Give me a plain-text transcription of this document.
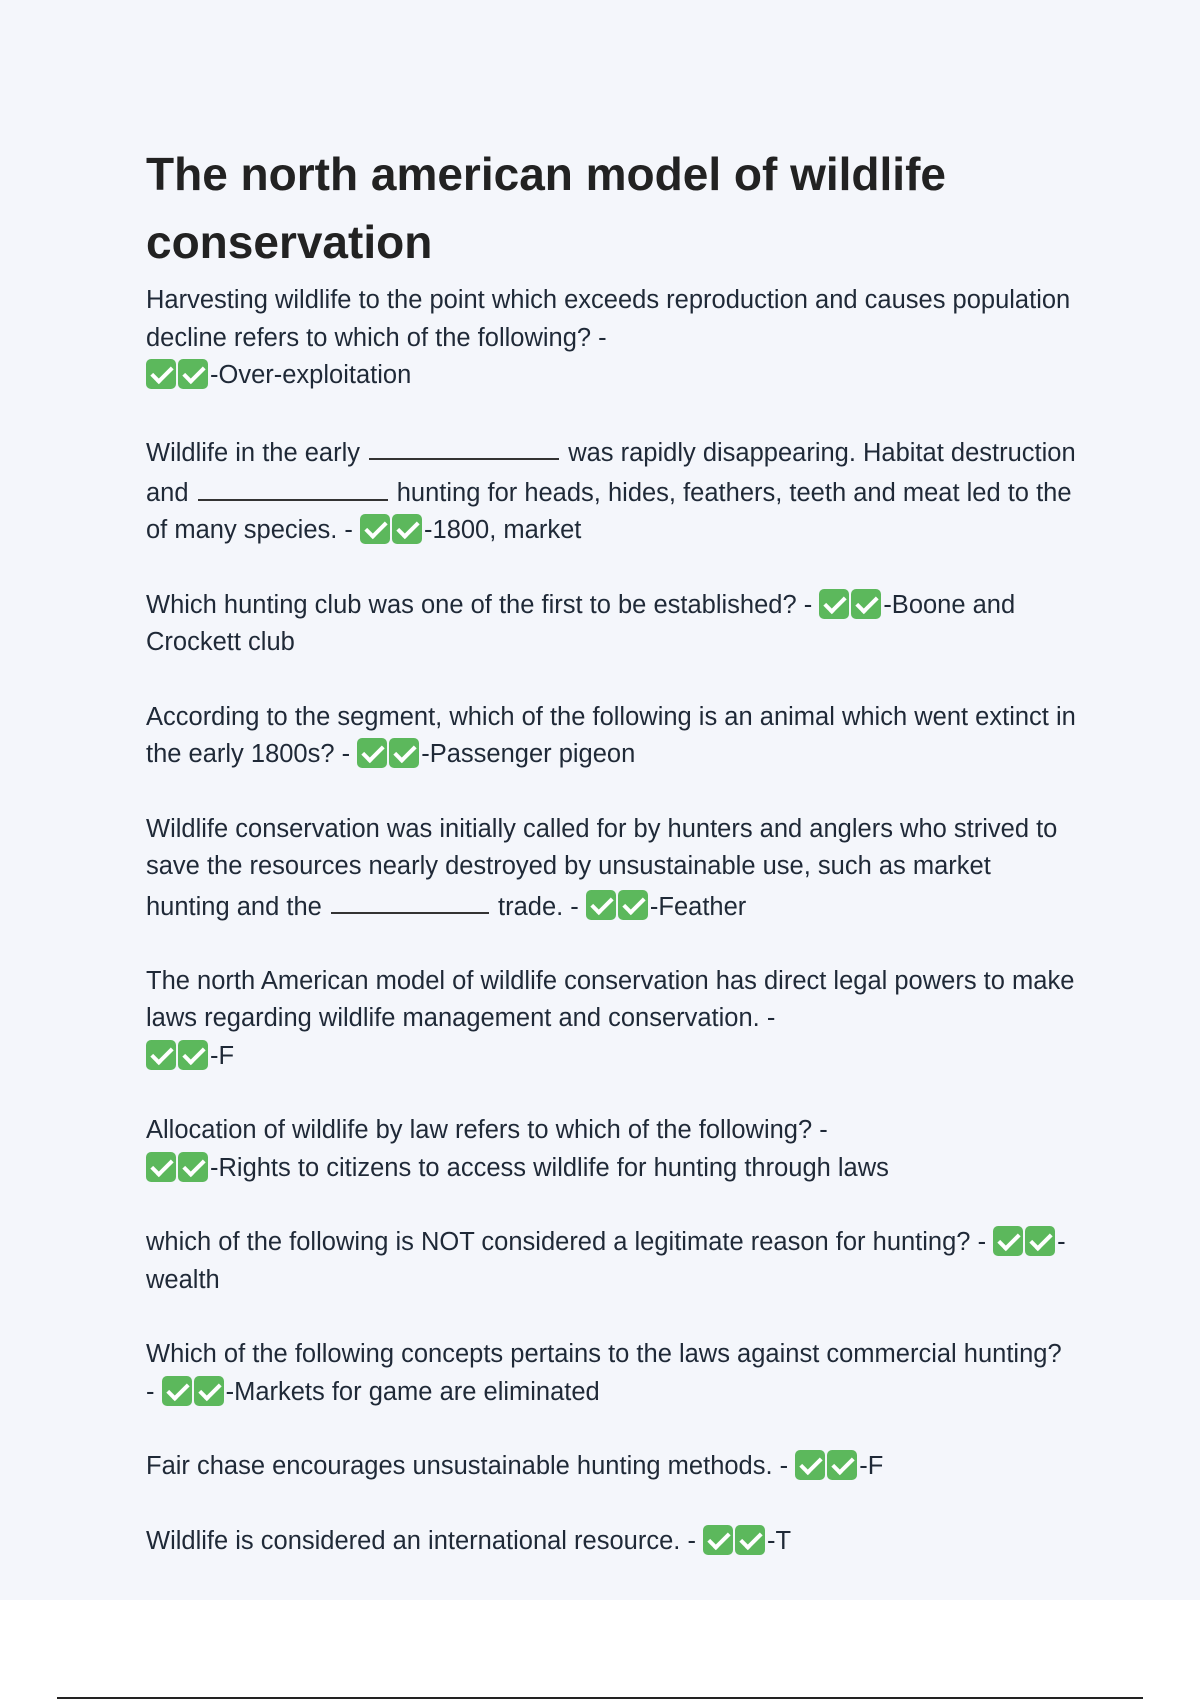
The north american model of wildlife conservation

Harvesting wildlife to the point which exceeds reproduction and causes population decline refers to which of the following? -
-Over-exploitation

Wildlife in the early	was rapidly disappearing. Habitat destruction and	hunting for heads, hides, feathers, teeth and meat led to the of many species. -	-1800, market

Which hunting club was one of the first to be established? -	-Boone and Crockett club

According to the segment, which of the following is an animal which went extinct in the early 1800s? -	-Passenger pigeon

Wildlife conservation was initially called for by hunters and anglers who strived to save the resources nearly destroyed by unsustainable use, such as market hunting and the	trade. -	-Feather

The north American model of wildlife conservation has direct legal powers to make laws regarding wildlife management and conservation. -
-F

Allocation of wildlife by law refers to which of the following? -
-Rights to citizens to access wildlife for hunting through laws

which of the following is NOT considered a legitimate reason for hunting? -	-wealth

Which of the following concepts pertains to the laws against commercial hunting? -	-Markets for game are eliminated

Fair chase encourages unsustainable hunting methods. -	-F

Wildlife is considered an international resource. -	-T
